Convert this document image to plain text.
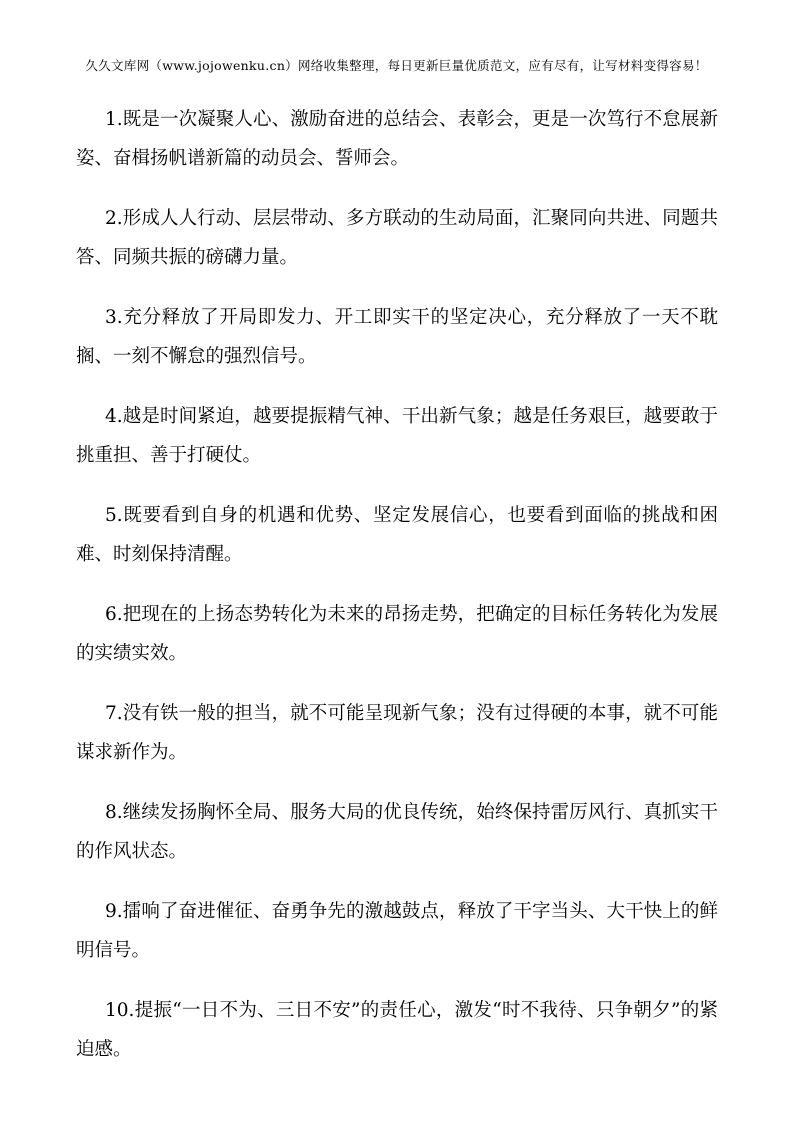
久久文库网（www.jojowenku.cn）网络收集整理，每日更新巨量优质范文，应有尽有，让写材料变得容易！

1.既是一次凝聚人心、激励奋进的总结会、表彰会，更是一次笃行不怠展新姿、奋楫扬帆谱新篇的动员会、誓师会。

2.形成人人行动、层层带动、多方联动的生动局面，汇聚同向共进、同题共答、同频共振的磅礴力量。

3.充分释放了开局即发力、开工即实干的坚定决心，充分释放了一天不耽搁、一刻不懈怠的强烈信号。

4.越是时间紧迫，越要提振精气神、干出新气象；越是任务艰巨，越要敢于挑重担、善于打硬仗。

5.既要看到自身的机遇和优势、坚定发展信心，也要看到面临的挑战和困难、时刻保持清醒。

6.把现在的上扬态势转化为未来的昂扬走势，把确定的目标任务转化为发展的实绩实效。

7.没有铁一般的担当，就不可能呈现新气象；没有过得硬的本事，就不可能谋求新作为。

8.继续发扬胸怀全局、服务大局的优良传统，始终保持雷厉风行、真抓实干的作风状态。

9.擂响了奋进催征、奋勇争先的激越鼓点，释放了干字当头、大干快上的鲜明信号。

10.提振“一日不为、三日不安”的责任心，激发“时不我待、只争朝夕”的紧迫感。
